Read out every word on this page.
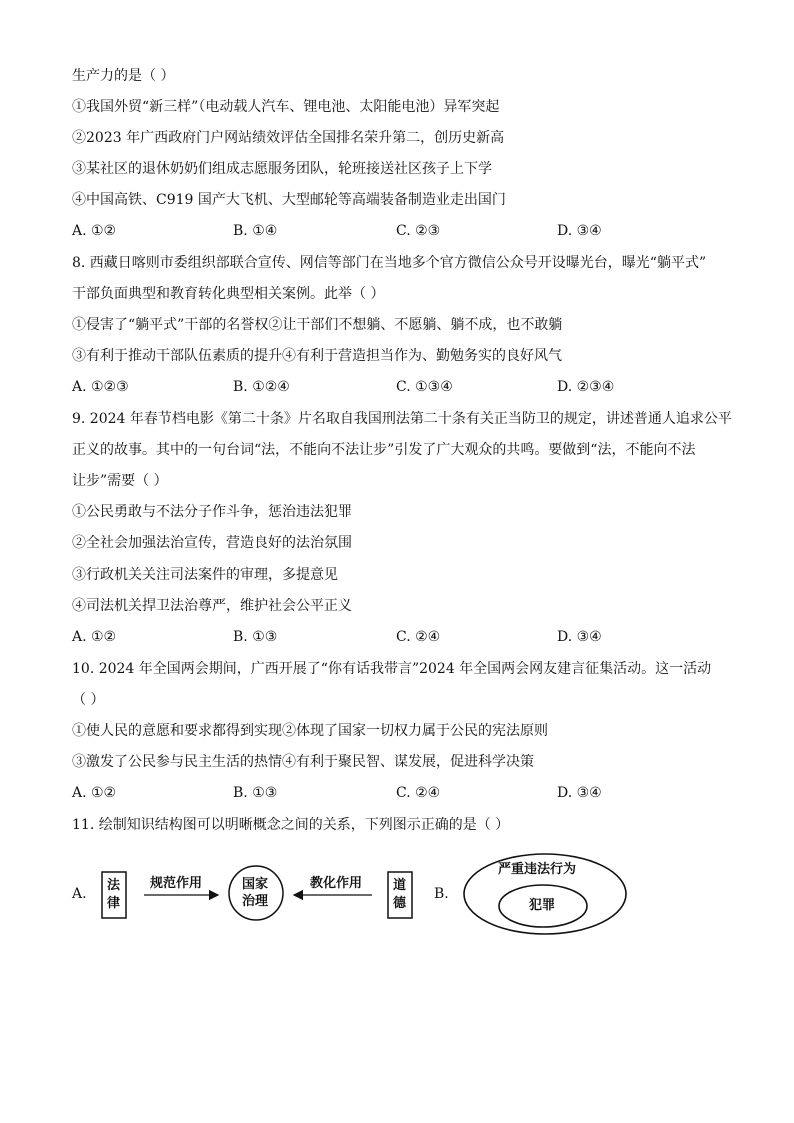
生产力的是（ ）
①我国外贸“新三样”（电动载人汽车、锂电池、太阳能电池）异军突起
②2023 年广西政府门户网站绩效评估全国排名荣升第二，创历史新高
③某社区的退休奶奶们组成志愿服务团队，轮班接送社区孩子上下学
④中国高铁、C919 国产大飞机、大型邮轮等高端装备制造业走出国门
A. ①②	B. ①④	C. ②③	D. ③④
8. 西藏日喀则市委组织部联合宣传、网信等部门在当地多个官方微信公众号开设曝光台，曝光“躺平式”
干部负面典型和教育转化典型相关案例。此举（ ）
①侵害了“躺平式”干部的名誉权②让干部们不想躺、不愿躺、躺不成，也不敢躺
③有利于推动干部队伍素质的提升④有利于营造担当作为、勤勉务实的良好风气
A. ①②③	B. ①②④	C. ①③④	D. ②③④
9. 2024 年春节档电影《第二十条》片名取自我国刑法第二十条有关正当防卫的规定，讲述普通人追求公平
正义的故事。其中的一句台词“法，不能向不法让步”引发了广大观众的共鸣。要做到“法，不能向不法
让步”需要（ ）
①公民勇敢与不法分子作斗争，惩治违法犯罪
②全社会加强法治宣传，营造良好的法治氛围
③行政机关关注司法案件的审理，多提意见
④司法机关捍卫法治尊严，维护社会公平正义
A. ①②	B. ①③	C. ②④	D. ③④
10. 2024 年全国两会期间，广西开展了“你有话我带言”2024 年全国两会网友建言征集活动。这一活动
（ ）
①使人民的意愿和要求都得到实现②体现了国家一切权力属于公民的宪法原则
③激发了公民参与民主生活的热情④有利于聚民智、谋发展，促进科学决策
A. ①②	B. ①③	C. ②④	D. ③④
11. 绘制知识结构图可以明晰概念之间的关系，下列图示正确的是（ ）
A.
法
律
规范作用	国家
治理
教化作用 道
德
B.
严重违法行为
犯罪
